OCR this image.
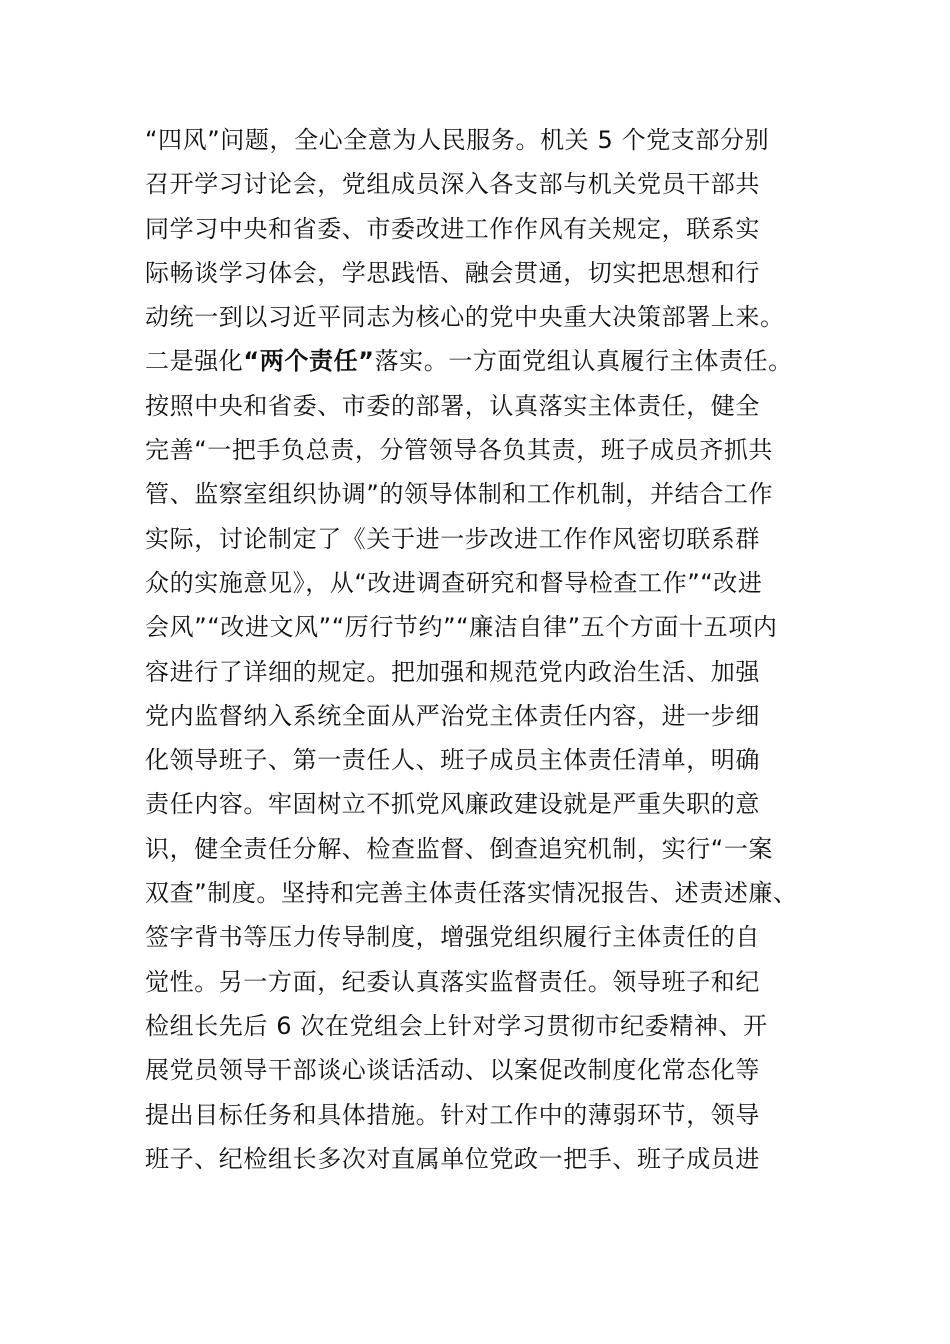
“四风”问题，全心全意为人民服务。机关 5 个党支部分别
召开学习讨论会，党组成员深入各支部与机关党员干部共
同学习中央和省委、市委改进工作作风有关规定，联系实
际畅谈学习体会，学思践悟、融会贯通，切实把思想和行
动统一到以习近平同志为核心的党中央重大决策部署上来。
二是强化“两个责任”落实。一方面党组认真履行主体责任。
按照中央和省委、市委的部署，认真落实主体责任，健全
完善“一把手负总责，分管领导各负其责，班子成员齐抓共
管、监察室组织协调”的领导体制和工作机制，并结合工作
实际，讨论制定了《关于进一步改进工作作风密切联系群
众的实施意见》，从“改进调查研究和督导检查工作”“改进
会风”“改进文风”“厉行节约”“廉洁自律”五个方面十五项内
容进行了详细的规定。把加强和规范党内政治生活、加强
党内监督纳入系统全面从严治党主体责任内容，进一步细
化领导班子、第一责任人、班子成员主体责任清单，明确
责任内容。牢固树立不抓党风廉政建设就是严重失职的意
识，健全责任分解、检查监督、倒查追究机制，实行“一案
双查”制度。坚持和完善主体责任落实情况报告、述责述廉、
签字背书等压力传导制度，增强党组织履行主体责任的自
觉性。另一方面，纪委认真落实监督责任。领导班子和纪
检组长先后 6 次在党组会上针对学习贯彻市纪委精神、开
展党员领导干部谈心谈话活动、以案促改制度化常态化等
提出目标任务和具体措施。针对工作中的薄弱环节，领导
班子、纪检组长多次对直属单位党政一把手、班子成员进
